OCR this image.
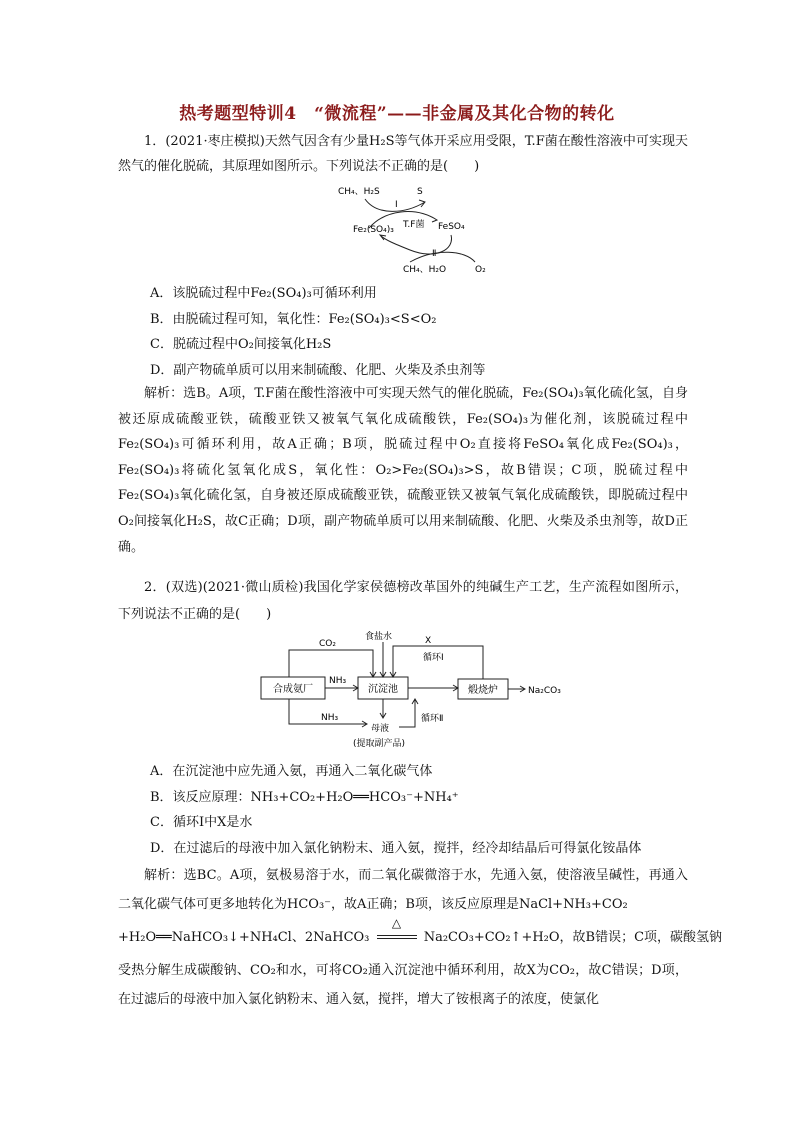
热考题型特训4　“微流程”——非金属及其化合物的转化

1．(2021·枣庄模拟)天然气因含有少量H₂S等气体开采应用受限，T.F菌在酸性溶液中可实现天然气的催化脱硫，其原理如图所示。下列说法不正确的是(　　)

CH₄、H₂S	S
Ⅰ
T.F菌
Fe₂(SO₄)₃	FeSO₄
Ⅱ
CH₄、H₂O	O₂
A．该脱硫过程中Fe₂(SO₄)₃可循环利用
B．由脱硫过程可知，氧化性：Fe₂(SO₄)₃<S<O₂
C．脱硫过程中O₂间接氧化H₂S
D．副产物硫单质可以用来制硫酸、化肥、火柴及杀虫剂等

解析：选B。A项，T.F菌在酸性溶液中可实现天然气的催化脱硫，Fe₂(SO₄)₃氧化硫化氢，自身被还原成硫酸亚铁，硫酸亚铁又被氧气氧化成硫酸铁，Fe₂(SO₄)₃为催化剂，该脱硫过程中Fe₂(SO₄)₃可循环利用，故A正确；B项，脱硫过程中O₂直接将FeSO₄氧化成Fe₂(SO₄)₃，Fe₂(SO₄)₃将硫化氢氧化成S，氧化性：O₂>Fe₂(SO₄)₃>S，故B错误；C项，脱硫过程中Fe₂(SO₄)₃氧化硫化氢，自身被还原成硫酸亚铁，硫酸亚铁又被氧气氧化成硫酸铁，即脱硫过程中O₂间接氧化H₂S，故C正确；D项，副产物硫单质可以用来制硫酸、化肥、火柴及杀虫剂等，故D正确。

2．(双选)(2021·微山质检)我国化学家侯德榜改革国外的纯碱生产工艺，生产流程如图所示，下列说法不正确的是(　　)

合成氨厂	沉淀池	煅烧炉
CO₂
食盐水	X
循环Ⅰ
NH₃
Na₂CO₃
NH₃
母液
循环Ⅱ
(提取副产品)
A．在沉淀池中应先通入氨，再通入二氧化碳气体
B．该反应原理：NH₃+CO₂+H₂O══HCO₃⁻+NH₄⁺
C．循环Ⅰ中X是水
D．在过滤后的母液中加入氯化钠粉末、通入氨，搅拌，经冷却结晶后可得氯化铵晶体

解析：选BC。A项，氨极易溶于水，而二氧化碳微溶于水，先通入氨，使溶液呈碱性，再通入二氧化碳气体可更多地转化为HCO₃⁻，故A正确；B项，该反应原理是NaCl+NH₃+CO₂

+H₂O══NaHCO₃↓+NH₄Cl、2NaHCO₃
△
Na₂CO₃+CO₂↑+H₂O，故B错误；C项，碳酸氢钠

受热分解生成碳酸钠、CO₂和水，可将CO₂通入沉淀池中循环利用，故X为CO₂，故C错误；D项，在过滤后的母液中加入氯化钠粉末、通入氨，搅拌，增大了铵根离子的浓度，使氯化
